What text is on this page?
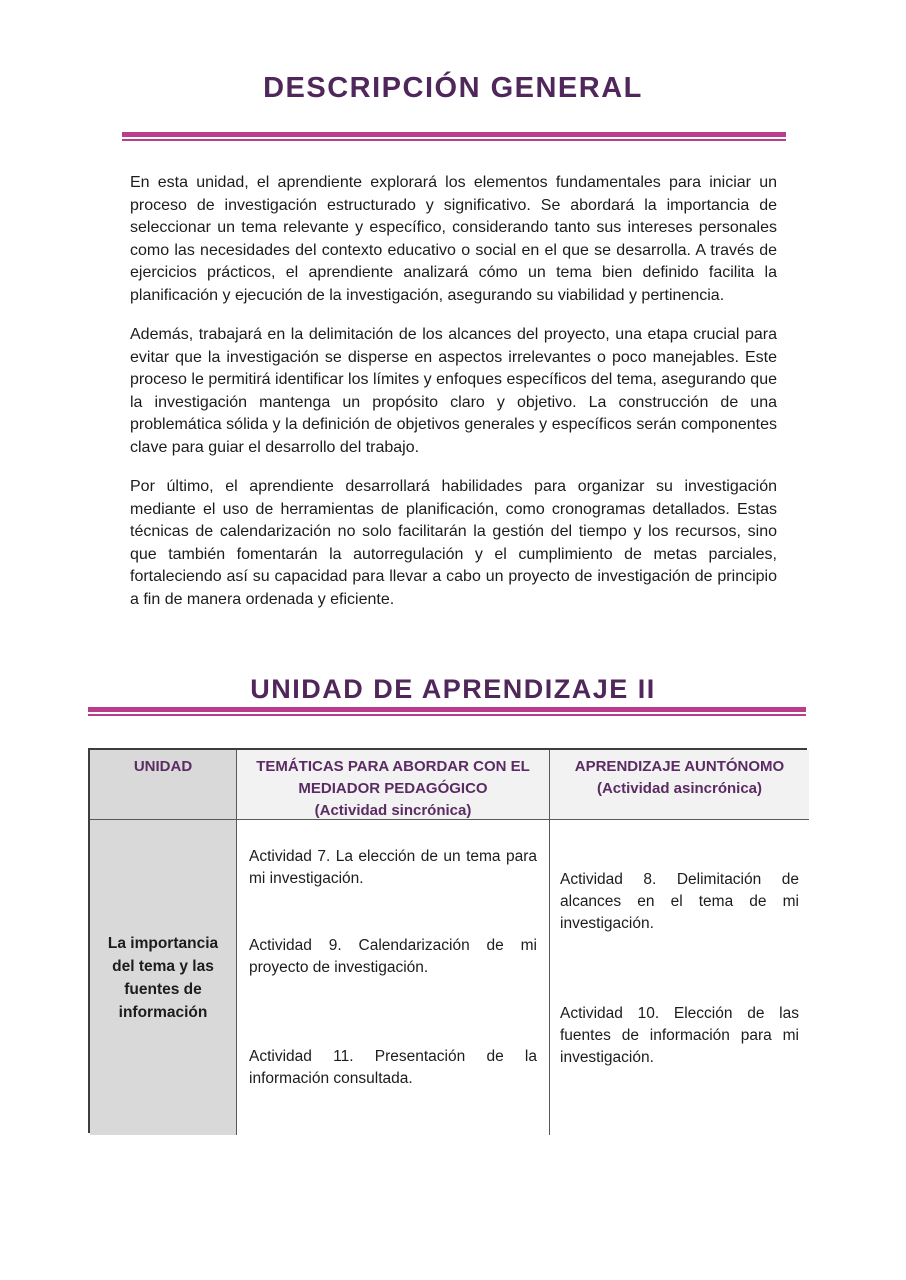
DESCRIPCIÓN GENERAL

En esta unidad, el aprendiente explorará los elementos fundamentales para iniciar un proceso de investigación estructurado y significativo. Se abordará la importancia de seleccionar un tema relevante y específico, considerando tanto sus intereses personales como las necesidades del contexto educativo o social en el que se desarrolla. A través de ejercicios prácticos, el aprendiente analizará cómo un tema bien definido facilita la planificación y ejecución de la investigación, asegurando su viabilidad y pertinencia.

Además, trabajará en la delimitación de los alcances del proyecto, una etapa crucial para evitar que la investigación se disperse en aspectos irrelevantes o poco manejables. Este proceso le permitirá identificar los límites y enfoques específicos del tema, asegurando que la investigación mantenga un propósito claro y objetivo. La construcción de una problemática sólida y la definición de objetivos generales y específicos serán componentes clave para guiar el desarrollo del trabajo.

Por último, el aprendiente desarrollará habilidades para organizar su investigación mediante el uso de herramientas de planificación, como cronogramas detallados. Estas técnicas de calendarización no solo facilitarán la gestión del tiempo y los recursos, sino que también fomentarán la autorregulación y el cumplimiento de metas parciales, fortaleciendo así su capacidad para llevar a cabo un proyecto de investigación de principio a fin de manera ordenada y eficiente.

UNIDAD DE APRENDIZAJE II
UNIDAD	TEMÁTICAS PARA ABORDAR CON EL MEDIADOR PEDAGÓGICO
(Actividad sincrónica)
APRENDIZAJE AUNTÓNOMO
(Actividad asincrónica)
La importancia del tema y las fuentes de información

Actividad 7. La elección de un tema para mi investigación.

Actividad 9. Calendarización de mi proyecto de investigación.

Actividad 11. Presentación de la información consultada.

Actividad 8. Delimitación de alcances en el tema de mi investigación.

Actividad 10. Elección de las fuentes de información para mi investigación.
